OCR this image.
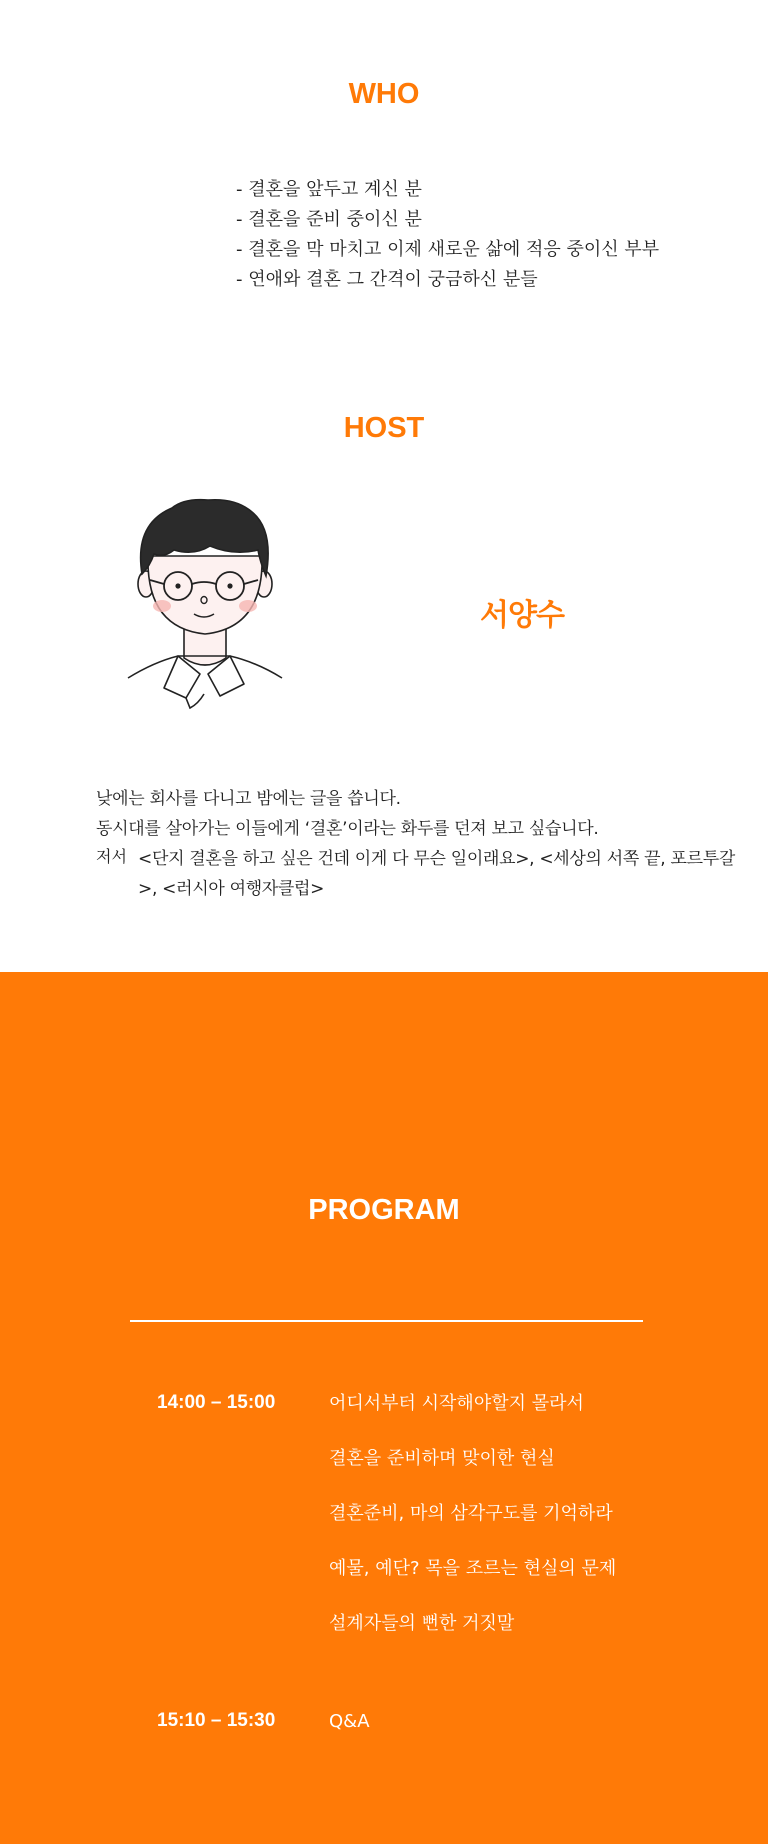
WHO
- 결혼을 앞두고 계신 분
- 결혼을 준비 중이신 분
- 결혼을 막 마치고 이제 새로운 삶에 적응 중이신 부부
- 연애와 결혼 그 간격이 궁금하신 분들
HOST
서양수

낮에는 회사를 다니고 밤에는 글을 씁니다.

동시대를 살아가는 이들에게 ‘결혼’이라는 화두를 던져 보고 싶습니다.

저서 <단지 결혼을 하고 싶은 건데 이게 다 무슨 일이래요>, <세상의 서쪽 끝, 포르투갈>, <러시아 여행자클럽>
PROGRAM
14:00 – 15:00	어디서부터 시작해야할지 몰라서
결혼을 준비하며 맞이한 현실
결혼준비, 마의 삼각구도를 기억하라
예물, 예단? 목을 조르는 현실의 문제
설계자들의 뻔한 거짓말
15:10 – 15:30	Q&A
